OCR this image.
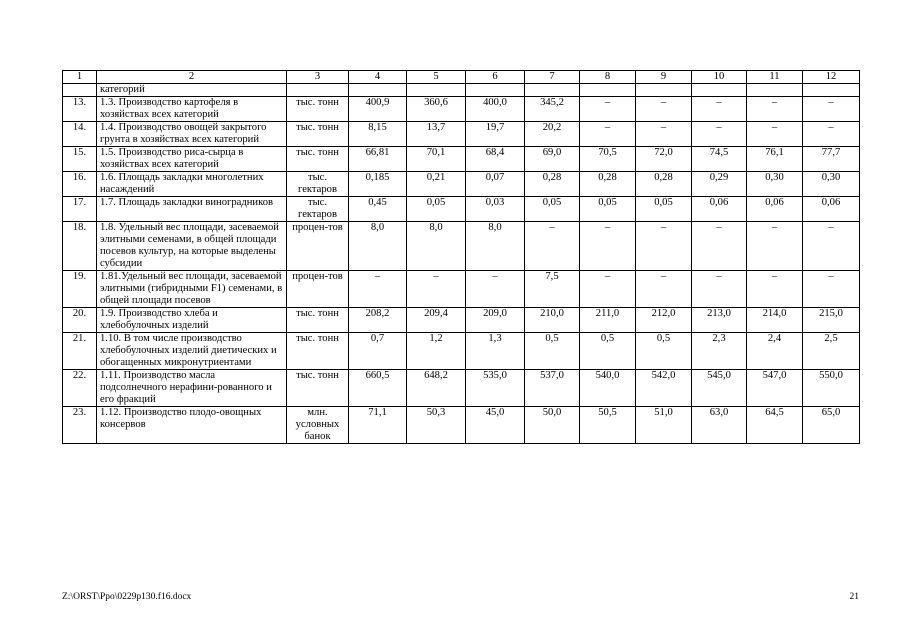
1	2	3	4	5	6	7	8	9	10	11	12
	категорий										
13.	1.3. Производство картофеля в хозяйствах всех категорий	тыс. тонн	400,9	360,6	400,0	345,2	–	–	–	–	–
14.	1.4. Производство овощей закрытого грунта в хозяйствах всех категорий	тыс. тонн	8,15	13,7	19,7	20,2	–	–	–	–	–
15.	1.5. Производство риса-сырца в хозяйствах всех категорий	тыс. тонн	66,81	70,1	68,4	69,0	70,5	72,0	74,5	76,1	77,7
16.	1.6. Площадь закладки многолетних насаждений	тыс. гектаров	0,185	0,21	0,07	0,28	0,28	0,28	0,29	0,30	0,30
17.	1.7. Площадь закладки виноградников	тыс. гектаров	0,45	0,05	0,03	0,05	0,05	0,05	0,06	0,06	0,06
18.	1.8. Удельный вес площади, засеваемой элитными семенами, в общей площади посевов культур, на которые выделены субсидии	процен-тов	8,0	8,0	8,0	–	–	–	–	–	–
19.	1.81.Удельный вес площади, засеваемой элитными (гибридными F1) семенами, в общей площади посевов	процен-тов	–	–	–	7,5	–	–	–	–	–
20.	1.9. Производство хлеба и хлебобулочных изделий	тыс. тонн	208,2	209,4	209,0	210,0	211,0	212,0	213,0	214,0	215,0
21.	1.10. В том числе производство хлебобулочных изделий диетических и обогащенных микронутриентами	тыс. тонн	0,7	1,2	1,3	0,5	0,5	0,5	2,3	2,4	2,5
22.	1.11. Производство масла подсолнечного нерафини-рованного и его фракций	тыс. тонн	660,5	648,2	535,0	537,0	540,0	542,0	545,0	547,0	550,0
23.	1.12. Производство плодо-овощных консервов	млн. условных банок	71,1	50,3	45,0	50,0	50,5	51,0	63,0	64,5	65,0
Z:\ORST\Ppo\0229p130.f16.docx	21
